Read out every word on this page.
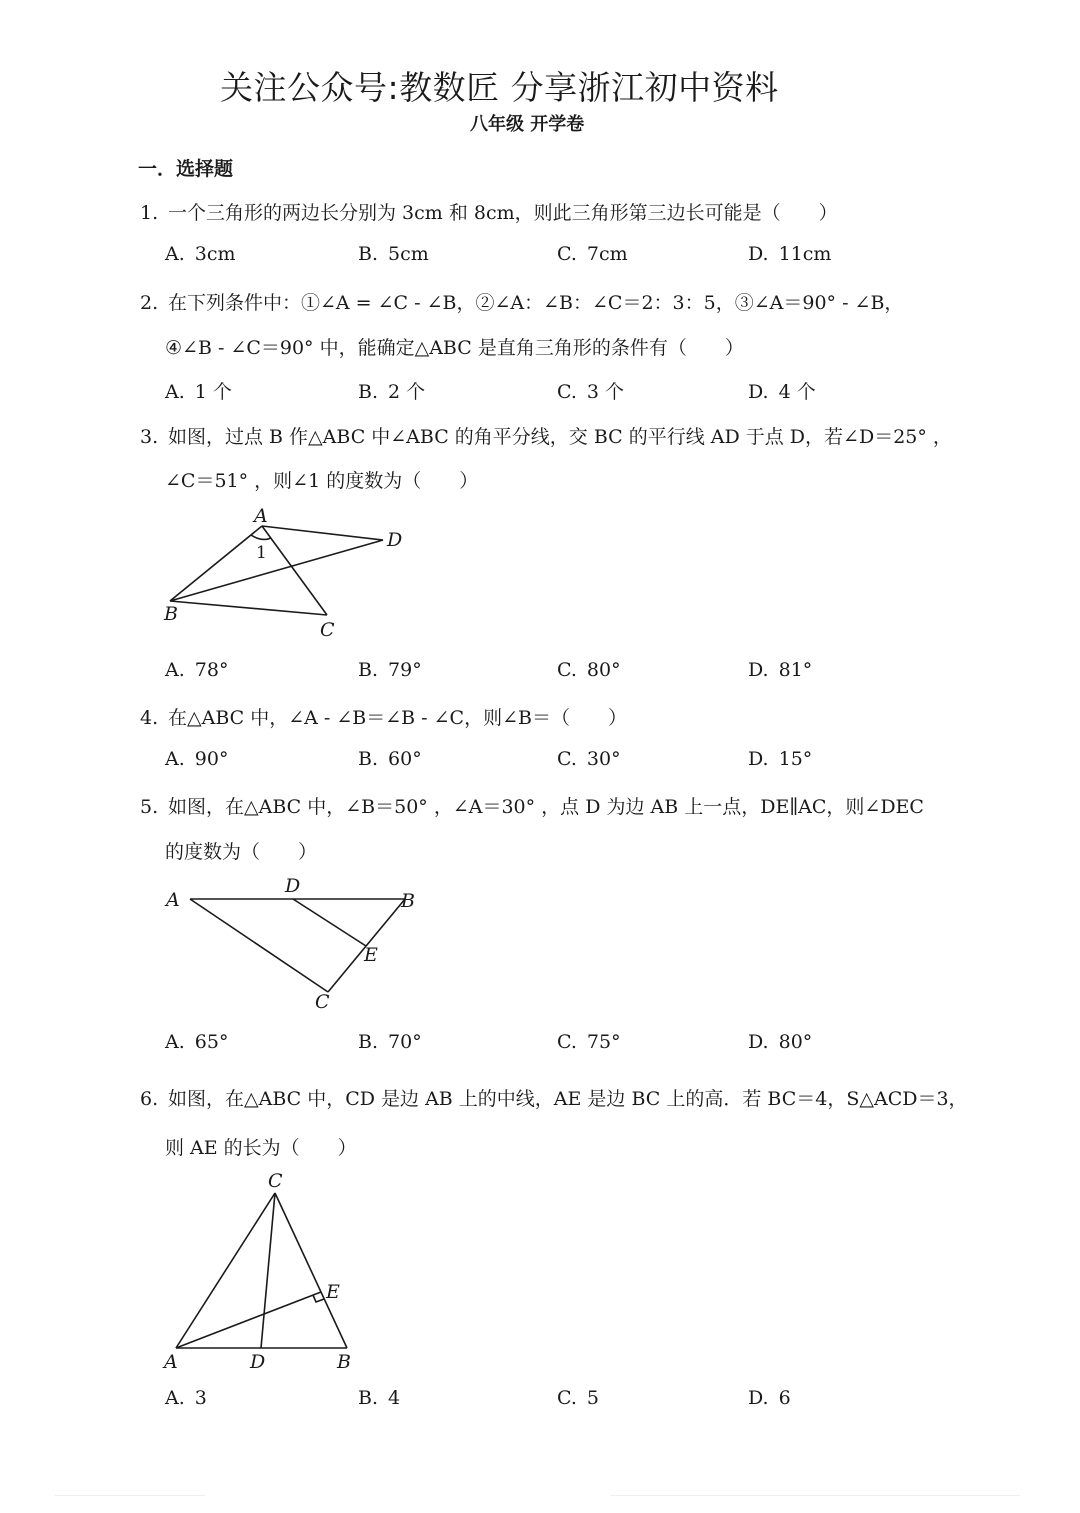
关注公众号:教数匠 分享浙江初中资料
八年级 开学卷
一．选择题
1. 一个三角形的两边长分别为 3cm 和 8cm，则此三角形第三边长可能是（　　）
A. 3cm	B. 5cm	C. 7cm	D. 11cm
2. 在下列条件中：①∠A = ∠C - ∠B，②∠A：∠B：∠C＝2：3：5，③∠A＝90° - ∠B，
④∠B - ∠C＝90° 中，能确定△ABC 是直角三角形的条件有（　　）
A. 1 个	B. 2 个	C. 3 个	D. 4 个
3. 如图，过点 B 作△ABC 中∠ABC 的角平分线，交 BC 的平行线 AD 于点 D，若∠D＝25° ，
∠C＝51° ，则∠1 的度数为（　　）
A
D
1
B
C
A. 78°	B. 79°	C. 80°	D. 81°
4. 在△ABC 中，∠A - ∠B＝∠B - ∠C，则∠B＝（　　）
A. 90°	B. 60°	C. 30°	D. 15°
5. 如图，在△ABC 中，∠B＝50° ，∠A＝30° ，点 D 为边 AB 上一点，DE∥AC，则∠DEC
的度数为（　　）
A
D
B
E
C
A. 65°	B. 70°	C. 75°	D. 80°
6. 如图，在△ABC 中，CD 是边 AB 上的中线，AE 是边 BC 上的高．若 BC＝4，S△ACD＝3，
则 AE 的长为（　　）
C
E
A	D	B
A. 3	B. 4	C. 5	D. 6
